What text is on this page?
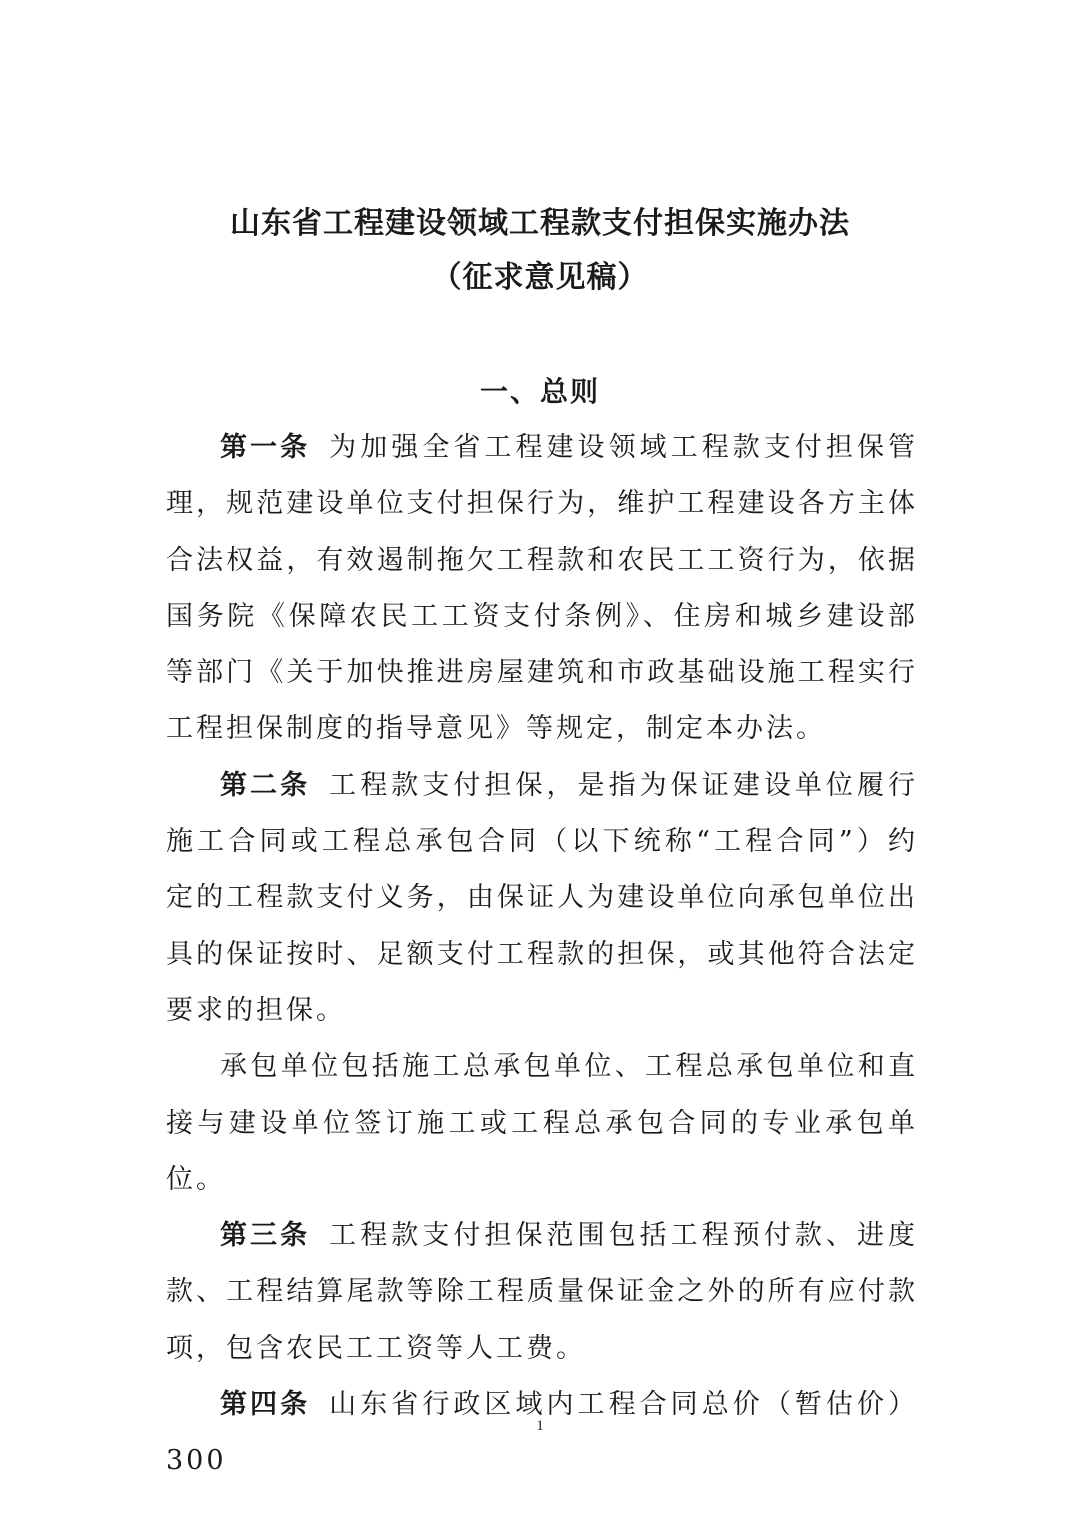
山东省工程建设领域工程款支付担保实施办法
（征求意见稿）
一、总则

第一条 为加强全省工程建设领域工程款支付担保管理，规范建设单位支付担保行为，维护工程建设各方主体合法权益，有效遏制拖欠工程款和农民工工资行为，依据国务院《保障农民工工资支付条例》、住房和城乡建设部等部门《关于加快推进房屋建筑和市政基础设施工程实行工程担保制度的指导意见》等规定，制定本办法。

第二条 工程款支付担保，是指为保证建设单位履行施工合同或工程总承包合同（以下统称“工程合同”）约定的工程款支付义务，由保证人为建设单位向承包单位出具的保证按时、足额支付工程款的担保，或其他符合法定要求的担保。

承包单位包括施工总承包单位、工程总承包单位和直接与建设单位签订施工或工程总承包合同的专业承包单位。

第三条 工程款支付担保范围包括工程预付款、进度款、工程结算尾款等除工程质量保证金之外的所有应付款项，包含农民工工资等人工费。

第四条 山东省行政区域内工程合同总价（暂估价）300

1
